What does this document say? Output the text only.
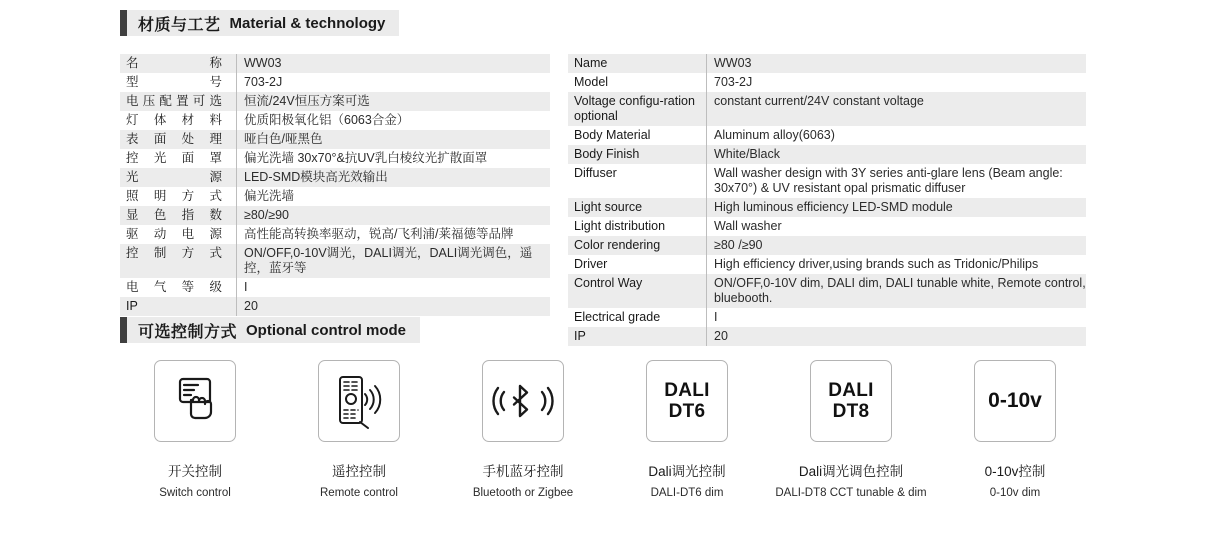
材质与工艺 Material & technology
名 称	WW03
型 号	703-2J
电压配置可选	恒流/24V恒压方案可选
灯 体 材 料	优质阳极氧化铝（6063合金）
表 面 处 理	哑白色/哑黑色
控 光 面 罩	偏光洗墙 30x70°&抗UV乳白棱纹光扩散面罩
光 源	LED-SMD模块高光效输出
照 明 方 式	偏光洗墙
显 色 指 数	≥80/≥90
驱 动 电 源	高性能高转换率驱动，锐高/飞利浦/莱福德等品牌
控 制 方 式	ON/OFF,0-10V调光，DALI调光，DALI调光调色，遥控，蓝牙等
电 气 等 级	I
IP	20
Name	WW03
Model	703-2J
Voltage configu-ration optional	constant current/24V constant voltage
Body Material	Aluminum alloy(6063)
Body Finish	White/Black
Diffuser	Wall washer design with 3Y series anti-glare lens (Beam angle: 30x70°) & UV resistant opal prismatic diffuser
Light source	High luminous efficiency LED-SMD module
Light distribution	Wall washer
Color rendering	≥80 /≥90
Driver	High efficiency driver,using brands such as Tridonic/Philips
Control Way	ON/OFF,0-10V dim, DALI dim, DALI tunable white, Remote control, bluebooth.
Electrical grade	I
IP	20
可选控制方式 Optional control mode
开关控制
Switch control
遥控控制
Remote control
手机蓝牙控制
Bluetooth or Zigbee
DALI
DT6
Dali调光控制
DALI-DT6 dim
DALI
DT8
Dali调光调色控制
DALI-DT8 CCT tunable & dim
0-10v
0-10v控制
0-10v dim
